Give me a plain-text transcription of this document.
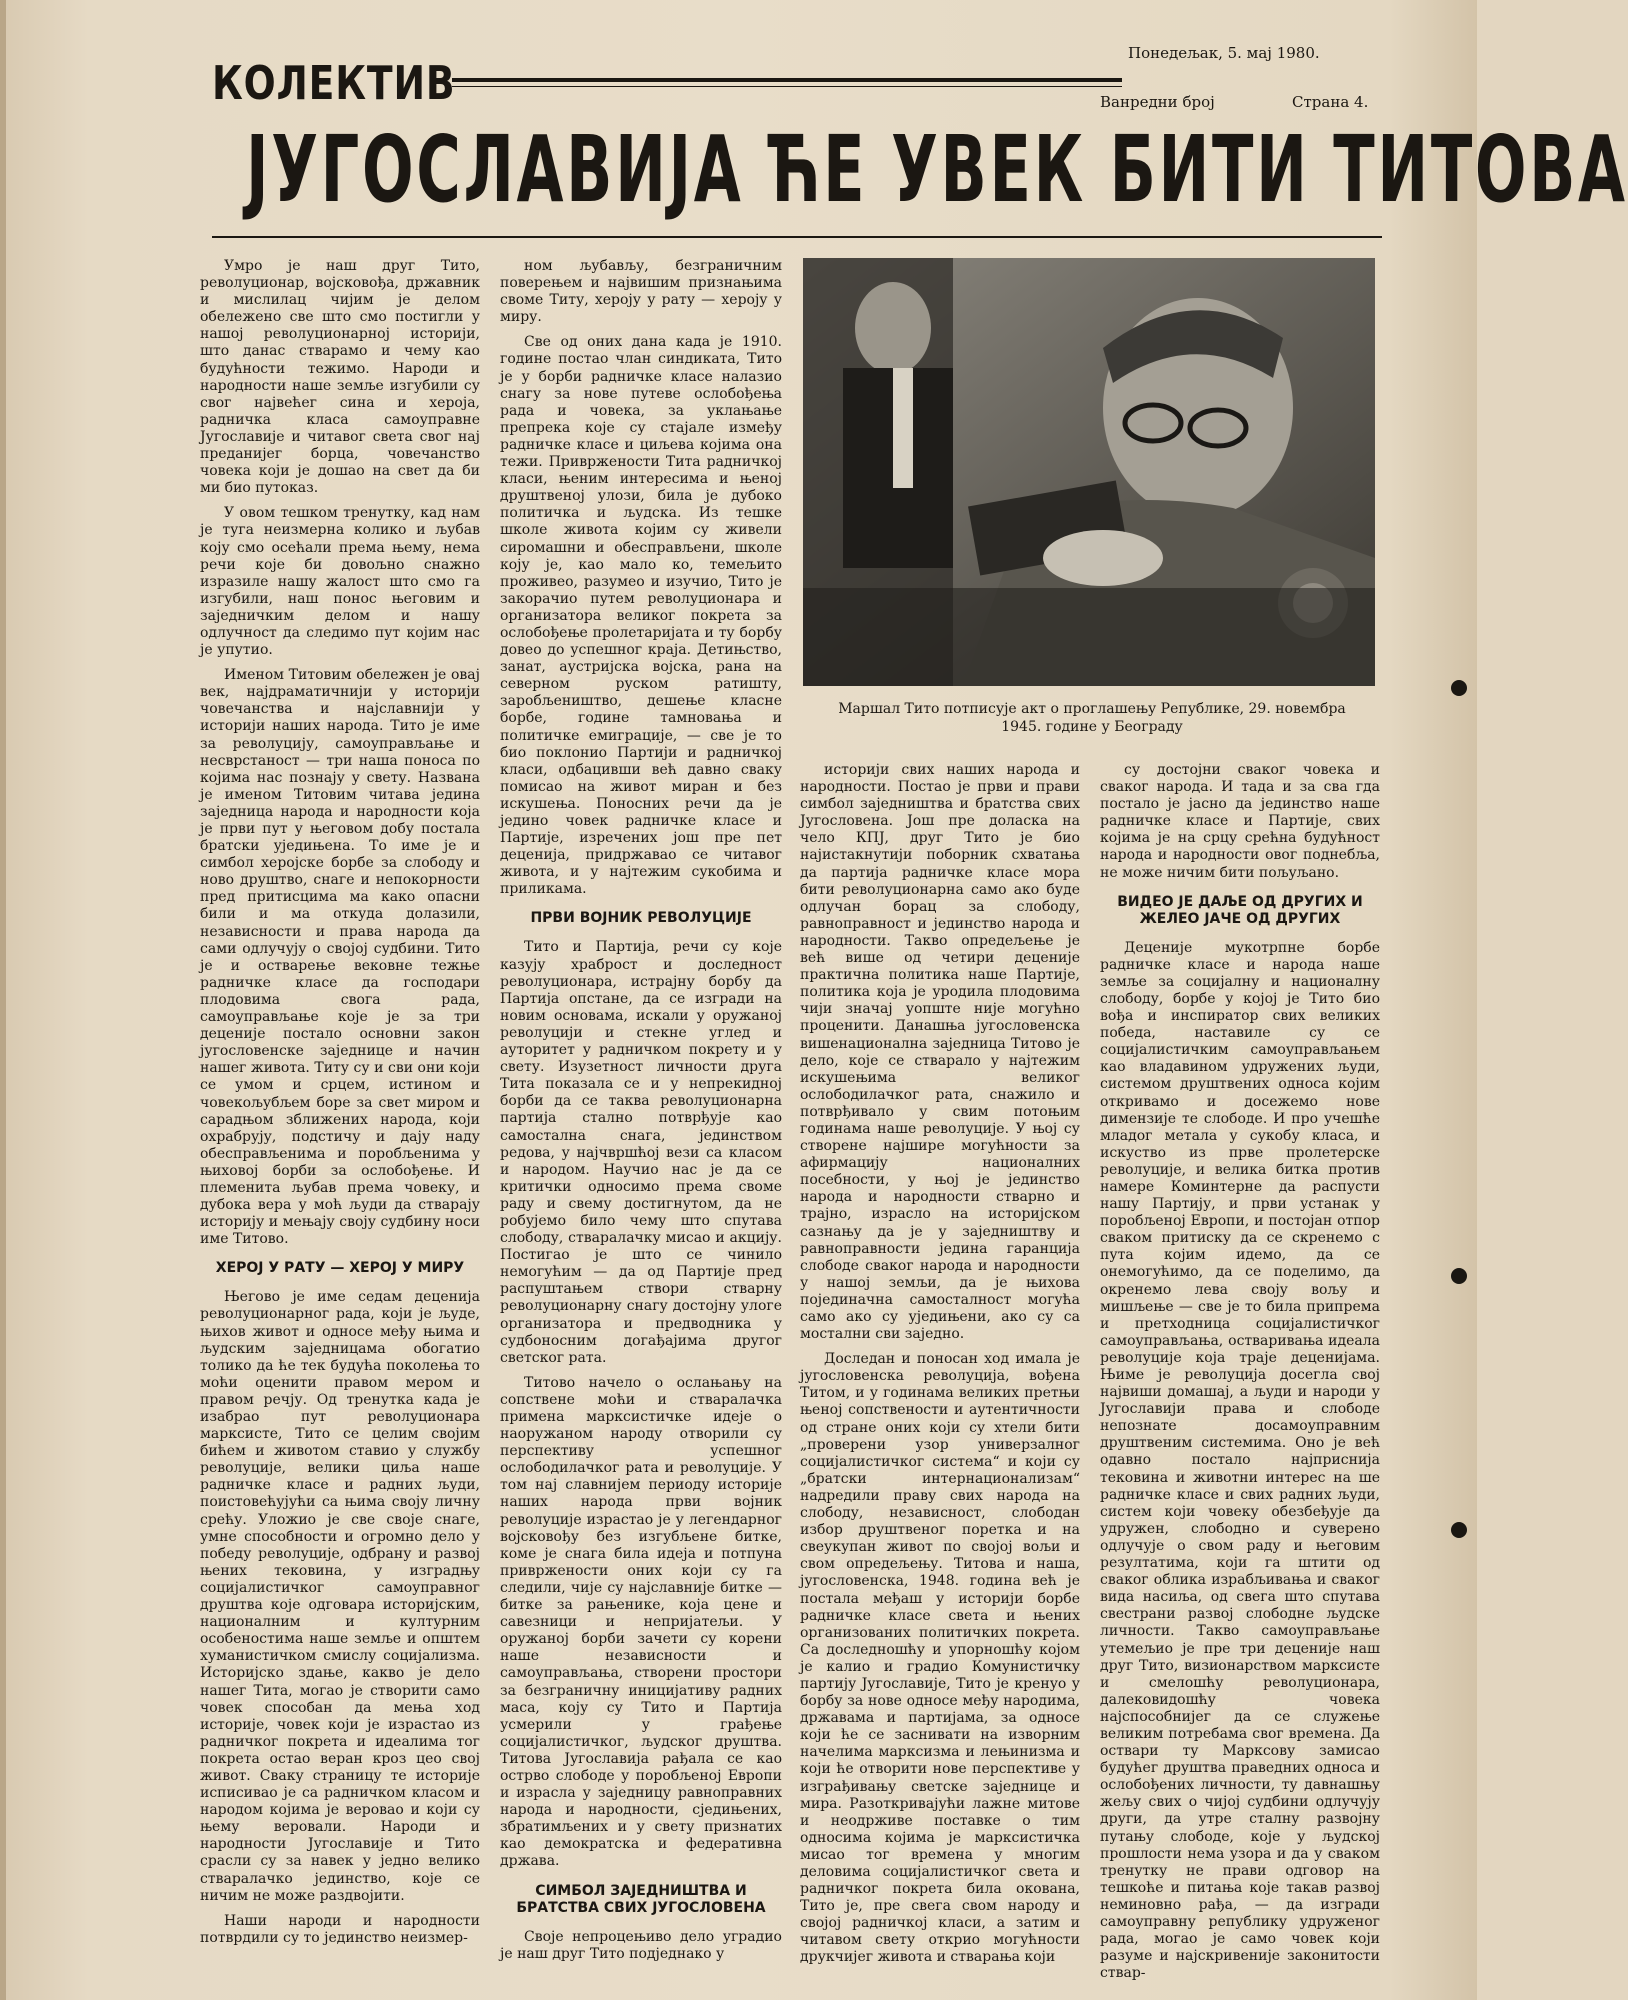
КОЛЕКТИВ
Понедељак, 5. мај 1980.
Ванредни број	Страна 4.
ЈУГОСЛАВИЈА ЋЕ УВЕК БИТИ ТИТОВА

Умро је наш друг Тито, револуционар, војсковођа, државник и мислилац чијим је делом обележено све што смо постигли у нашој револуционарној историји, што данас стварамо и чему као будућности тежимо. Народи и народности наше земље изгубили су свог највећег сина и хероја, радничка класа самоуправне Југославије и читавог света свог нај преданијег борца, човечанство човека који је дошао на свет да би ми био путоказ.

У овом тешком тренутку, кад нам је туга неизмерна колико и љубав коју смо осећали према њему, нема речи које би довољно снажно изразиле нашу жалост што смо га изгубили, наш понос његовим и заједничким делом и нашу одлучност да следимо пут којим нас је упутио.

Именом Титовим обележен је овај век, најдраматичнији у историји човечанства и најславнији у историји наших народа. Тито је име за револуцију, самоуправљање и несврстаност — три наша поноса по којима нас познају у свету. Названа је именом Титовим читава једина заједница народа и народности која је први пут у његовом добу постала братски уједињена. То име је и симбол херојске борбе за слободу и ново друштво, снаге и непокорности пред притисцима ма како опасни били и ма откуда долазили, независности и права народа да сами одлучују о својој судбини. Тито је и остварење вековне тежње радничке класе да господари плодовима свога рада, самоуправљање које је за три деценије постало основни закон југословенске заједнице и начин нашег живота. Титу су и сви они који се умом и срцем, истином и човекољубљем боре за свет миром и сарадњом зближених народа, који охрабрују, подстичу и дају наду обесправљенима и поробљенима у њиховој борби за ослобођење. И племенита љубав према човеку, и дубока вера у моћ људи да стварају историју и мењају своју судбину носи име Титово.

ХЕРОЈ У РАТУ — ХЕРОЈ У МИРУ

Његово је име седам деценија револуционарног рада, који је људе, њихов живот и односе међу њима и људским заједницама обогатио толико да ће тек будућа поколења то моћи оценити правом мером и правом речју. Од тренутка када је изабрао пут револуционара марксисте, Тито се целим својим бићем и животом ставио у службу револуције, велики циља наше радничке класе и радних људи, поистовећујући са њима своју личну срећу. Уложио је све своје снаге, умне способности и огромно дело у победу револуције, одбрану и развој њених тековина, у изградњу социјалистичког самоуправног друштва које одговара историјским, националним и културним особеностима наше земље и општем хуманистичком смислу социјализма. Историјско здање, какво је дело нашег Тита, могао је створити само човек способан да мења ход историје, човек који је израстао из радничког покрета и идеалима тог покрета остао веран кроз цео свој живот. Сваку страницу те историје исписивао је са радничком класом и народом којима је веровао и који су њему веровали. Народи и народности Југославије и Тито срасли су за навек у једно велико стваралачко јединство, које се ничим не може раздвојити.

Наши народи и народности потврдили су то јединство неизмер-

ном љубављу, безграничним поверењем и највишим признањима своме Титу, хероју у рату — хероју у миру.

Све од оних дана када је 1910. године постао члан синдиката, Тито је у борби радничке класе налазио снагу за нове путеве ослобођења рада и човека, за уклањање препрека које су стајале између радничке класе и циљева којима она тежи. Привржености Тита радничкој класи, њеним интересима и њеној друштвеној улози, била је дубоко политичка и људска. Из тешке школе живота којим су живели сиромашни и обесправљени, школе коју је, као мало ко, темељито проживео, разумео и изучио, Тито је закорачио путем револуционара и организатора великог покрета за ослобођење пролетаријата и ту борбу довео до успешног краја. Детињство, занат, аустријска војска, рана на северном руском ратишту, заробљеништво, дешење класне борбе, године тамновања и политичке емиграције, — све је то био поклонио Партији и радничкој класи, одбацивши већ давно сваку помисао на живот миран и без искушења. Поносних речи да је једино човек радничке класе и Партије, изречених још пре пет деценија, придржавао се читавог живота, и у најтежим сукобима и приликама.

ПРВИ ВОЈНИК РЕВОЛУЦИЈЕ

Тито и Партија, речи су које казују храброст и доследност револуционара, истрајну борбу да Партија опстане, да се изгради на новим основама, искали у оружаној револуцији и стекне углед и ауторитет у радничком покрету и у свету. Изузетност личности друга Тита показала се и у непрекидној борби да се таква револуционарна партија стално потврђује као самостална снага, јединством редова, у најчвршћој вези са класом и народом. Научио нас је да се критички односимо према своме раду и свему достигнутом, да не робујемо било чему што спутава слободу, стваралачку мисао и акцију. Постигао је што се чинило немогућим — да од Партије пред распуштањем створи стварну револуционарну снагу достојну улоге организатора и предводника у судбоносним догађајима другог светског рата.

Титово начело о ослањању на сопствене моћи и стваралачка примена марксистичке идеје о наоружаном народу отворили су перспективу успешног ослободилачког рата и револуције. У том нај славнијем периоду историје наших народа први војник револуције израстао је у легендарног војсковођу без изгубљене битке, коме је снага била идеја и потпуна привржености оних који су га следили, чије су најславније битке — битке за рањенике, која цене и савезници и непријатељи. У оружаној борби зачети су корени наше независности и самоуправљања, створени простори за безграничну иницијативу радних маса, коју су Тито и Партија усмерили у грађење социјалистичког, људског друштва. Титова Југославија рађала се као острво слободе у поробљеној Европи и израсла у заједницу равноправних народа и народности, сједињених, збратимљених и у свету признатих као демократска и федеративна држава.

СИМБОЛ ЗАЈЕДНИШТВА И БРАТСТВА СВИХ ЈУГОСЛОВЕНА

Своје непроцењиво дело уградио је наш друг Тито подједнако у

Маршал Тито потписује акт о проглашењу Републике, 29. новембра 1945. године у Београду

историји свих наших народа и народности. Постао је први и прави симбол заједништва и братства свих Југословена. Још пре доласка на чело КПЈ, друг Тито је био најистакнутији поборник схватања да партија радничке класе мора бити револуционарна само ако буде одлучан борац за слободу, равноправност и јединство народа и народности. Такво опредељење је већ више од четири деценије практична политика наше Партије, политика која је уродила плодовима чији значај уопште није могућно проценити. Данашња југословенска вишенационална заједница Титово је дело, које се стварало у најтежим искушењима великог ослободилачког рата, снажило и потврђивало у свим потоњим годинама наше револуције. У њој су створене најшире могућности за афирмацију националних посебности, у њој је јединство народа и народности стварно и трајно, израсло на историјском сазнању да је у заједништву и равноправности једина гаранција слободе сваког народа и народности у нашој земљи, да је њихова појединачна самосталност могућа само ако су уједињени, ако су са мостални сви заједно.

Доследан и поносан ход имала је југословенска револуција, вођена Титом, и у годинама великих претњи њеној сопствености и аутентичности од стране оних који су хтели бити „проверени узор универзалног социјалистичког система“ и који су „братски интернационализам“ надредили праву свих народа на слободу, независност, слободан избор друштвеног поретка и на свеукупан живот по својој вољи и свом опредељењу. Титова и наша, југословенска, 1948. година већ је постала међаш у историји борбе радничке класе света и њених организованих политичких покрета. Са доследношћу и упорношћу којом је калио и градио Комунистичку партију Југославије, Тито је кренуо у борбу за нове односе међу народима, државама и партијама, за односе који ће се заснивати на изворним начелима марксизма и лењинизма и који ће отворити нове перспективе у изграђивању светске заједнице и мира. Разоткривајући лажне митове и неодрживе поставке о тим односима којима је марксистичка мисао тог времена у многим деловима социјалистичког света и радничког покрета била окована, Тито је, пре свега свом народу и својој радничкој класи, а затим и читавом свету открио могућности друкчијег живота и стварања који

су достојни сваког човека и сваког народа. И тада и за сва гда постало је јасно да јединство наше радничке класе и Партије, свих којима је на срцу срећна будућност народа и народности овог поднебља, не може ничим бити пољуљано.

ВИДЕО ЈЕ ДАЉЕ ОД ДРУГИХ И ЖЕЛЕО ЈАЧЕ ОД ДРУГИХ

Деценије мукотрпне борбе радничке класе и народа наше земље за социјалну и националну слободу, борбе у којој је Тито био вођа и инспиратор свих великих победа, наставиле су се социјалистичким самоуправљањем као владавином удружених људи, системом друштвених односа којим откривамо и досежемо нове димензије те слободе. И про учешће младог метала у сукобу класа, и искуство из прве пролетерске револуције, и велика битка против намере Коминтерне да распусти нашу Партију, и први устанак у поробљеној Европи, и постојан отпор сваком притиску да се скренемо с пута којим идемо, да се онемогућимо, да се поделимо, да окренемо лева своју вољу и мишљење — све је то била припрема и претходница социјалистичког самоуправљања, остваривања идеала револуције која траје деценијама. Њиме је револуција досегла свој највиши домашај, а људи и народи у Југославији права и слободе непознате досамоуправним друштвеним системима. Оно је већ одавно постало најприснија тековина и животни интерес на ше радничке класе и свих радних људи, систем који човеку обезбеђује да удружен, слободно и суверено одлучује о свом раду и његовим резултатима, који га штити од сваког облика израбљивања и сваког вида насиља, од свега што спутава свестрани развој слободне људске личности. Такво самоуправљање утемељио је пре три деценије наш друг Тито, визионарством марксисте и смелошћу револуционара, далековидошћу човека најспособнијег да се служење великим потребама свог времена. Да оствари ту Марксову замисао будућег друштва праведних односа и ослобођених личности, ту давнашњу жељу свих о чијој судбини одлучују други, да утре сталну развојну путању слободе, које у људској прошлости нема узора и да у сваком тренутку не прави одговор на тешкоће и питања које такав развој неминовно рађа, — да изгради самоуправну републику удруженог рада, могао је само човек који разуме и најскривеније законитости ствар-
